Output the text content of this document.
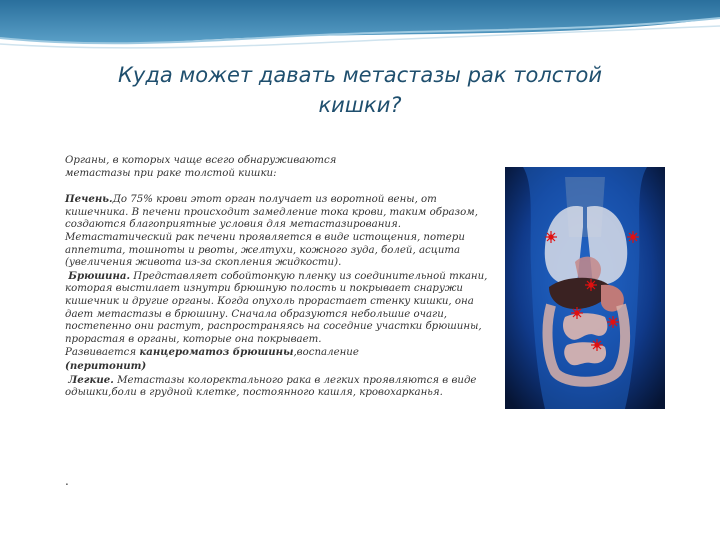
Куда может давать метастазы рак толстой
кишки?

Органы, в которых чаще всего обнаруживаются

метастазы при раке толстой кишки:

Печень.До 75% крови этот орган получает из воротной вены, от кишечника. В печени происходит замедление тока крови, таким образом, создаются благоприятные условия для метастазирования. Метастатический рак печени проявляется в виде истощения, потери аппетита, тошноты и рвоты, желтухи, кожного зуда, болей, асцита (увеличения живота из-за скопления жидкости).

Брюшина. Представляет собойтонкую пленку из соединительной ткани, которая выстилает изнутри брюшную полость и покрывает снаружи кишечник и другие органы. Когда опухоль прорастает стенку кишки, она дает метастазы в брюшину. Сначала образуются небольшие очаги, постепенно они растут, распространяясь на соседние участки брюшины, прорастая в органы, которые она покрывает.

Развивается канцероматоз брюшины,воспаление

(перитонит)

Легкие. Метастазы колоректального рака в легких проявляются в виде одышки,боли в грудной клетке, постоянного кашля, кровохарканья.

.
